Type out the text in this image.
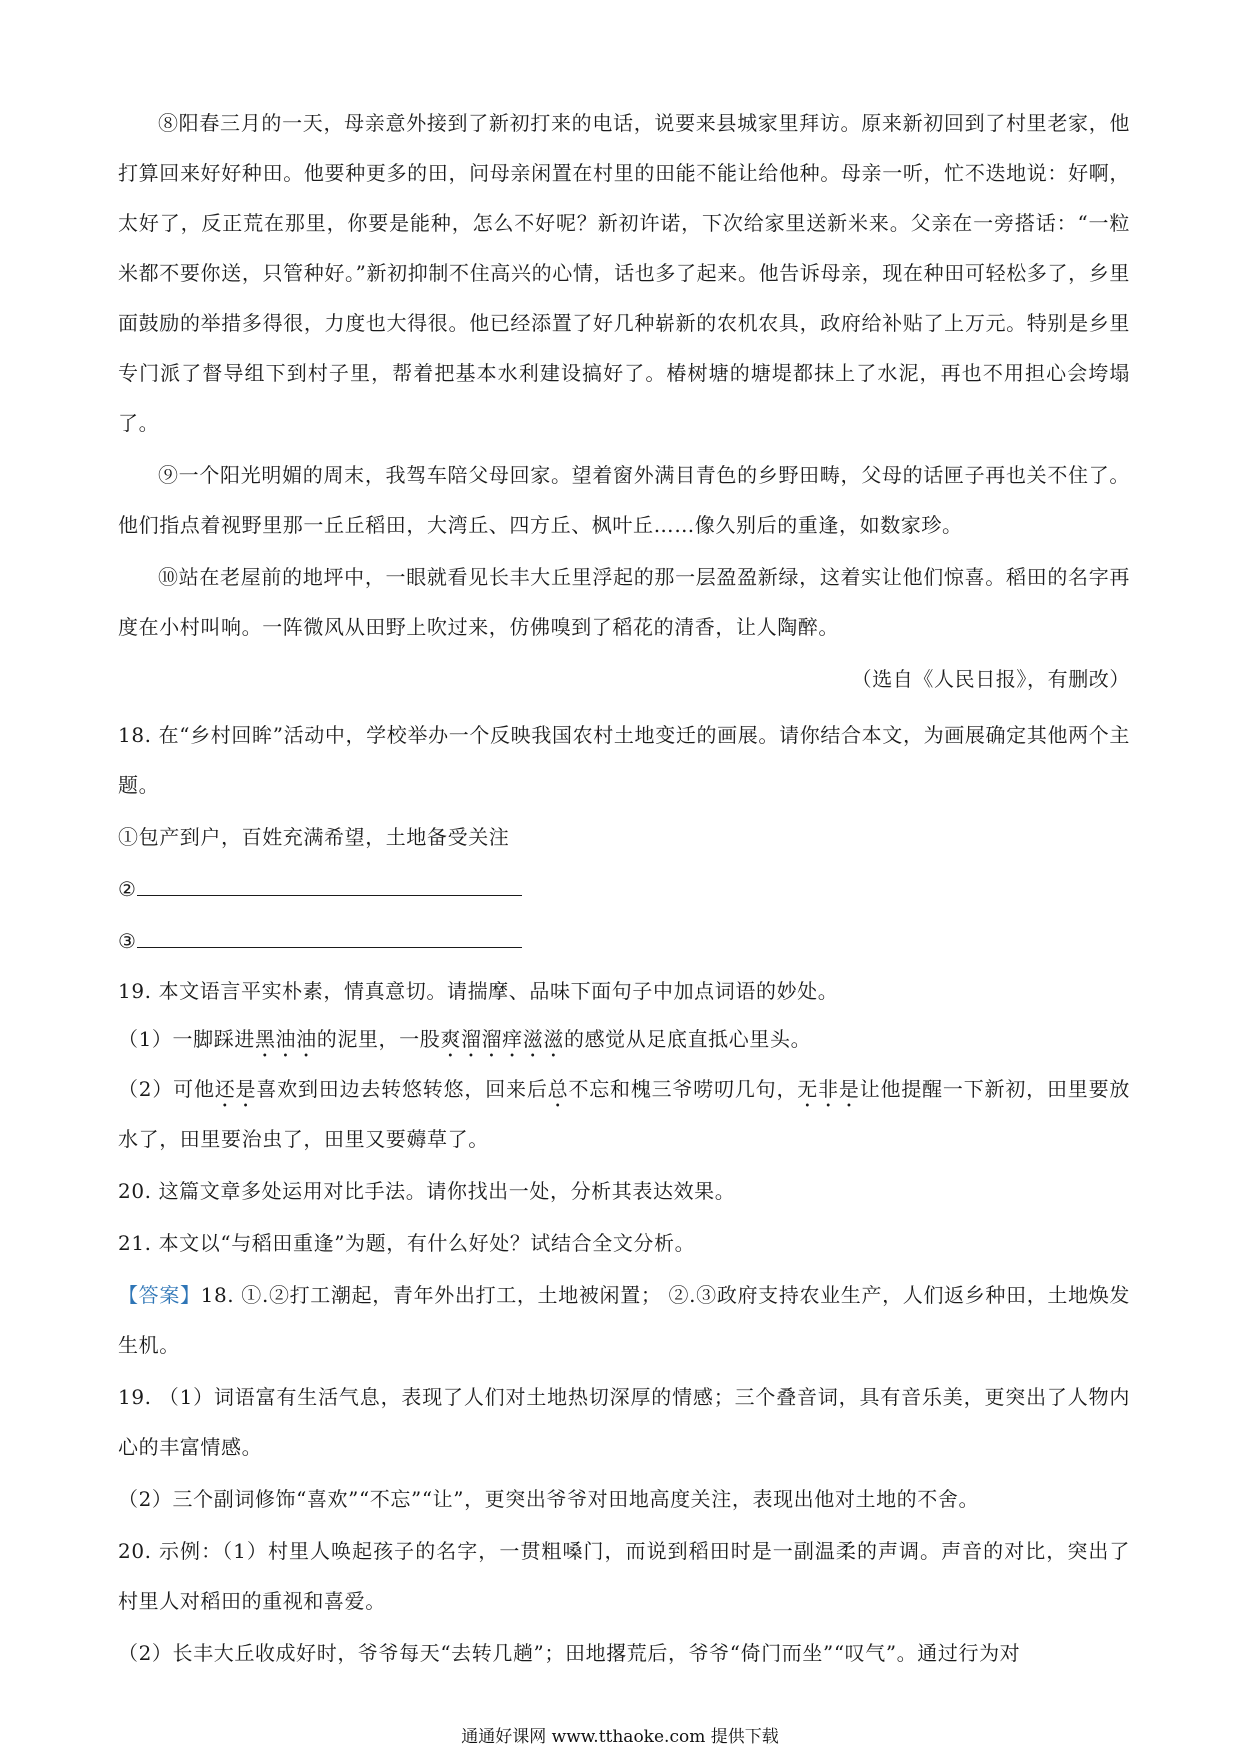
⑧阳春三月的一天，母亲意外接到了新初打来的电话，说要来县城家里拜访。原来新初回到了村里老家，他打算回来好好种田。他要种更多的田，问母亲闲置在村里的田能不能让给他种。母亲一听，忙不迭地说：好啊，太好了，反正荒在那里，你要是能种，怎么不好呢？新初许诺，下次给家里送新米来。父亲在一旁搭话：“一粒米都不要你送，只管种好。”新初抑制不住高兴的心情，话也多了起来。他告诉母亲，现在种田可轻松多了，乡里面鼓励的举措多得很，力度也大得很。他已经添置了好几种崭新的农机农具，政府给补贴了上万元。特别是乡里专门派了督导组下到村子里，帮着把基本水利建设搞好了。椿树塘的塘堤都抹上了水泥，再也不用担心会垮塌了。

⑨一个阳光明媚的周末，我驾车陪父母回家。望着窗外满目青色的乡野田畴，父母的话匣子再也关不住了。他们指点着视野里那一丘丘稻田，大湾丘、四方丘、枫叶丘……像久别后的重逢，如数家珍。

⑩站在老屋前的地坪中，一眼就看见长丰大丘里浮起的那一层盈盈新绿，这着实让他们惊喜。稻田的名字再度在小村叫响。一阵微风从田野上吹过来，仿佛嗅到了稻花的清香，让人陶醉。

（选自《人民日报》，有删改）

18. 在“乡村回眸”活动中，学校举办一个反映我国农村土地变迁的画展。请你结合本文，为画展确定其他两个主题。

①包产到户，百姓充满希望，土地备受关注

②

③

19. 本文语言平实朴素，情真意切。请揣摩、品味下面句子中加点词语的妙处。

（1）一脚踩进黑油油的泥里，一股爽溜溜痒滋滋的感觉从足底直抵心里头。

（2）可他还是喜欢到田边去转悠转悠，回来后总不忘和槐三爷唠叨几句，无非是让他提醒一下新初，田里要放水了，田里要治虫了，田里又要薅草了。

20. 这篇文章多处运用对比手法。请你找出一处，分析其表达效果。

21. 本文以“与稻田重逢”为题，有什么好处？试结合全文分析。

【答案】18. ①.②打工潮起，青年外出打工，土地被闲置； ②.③政府支持农业生产，人们返乡种田，土地焕发生机。

19. （1）词语富有生活气息，表现了人们对土地热切深厚的情感；三个叠音词，具有音乐美，更突出了人物内心的丰富情感。

（2）三个副词修饰“喜欢”“不忘”“让”，更突出爷爷对田地高度关注，表现出他对土地的不舍。

20. 示例：（1）村里人唤起孩子的名字，一贯粗嗓门，而说到稻田时是一副温柔的声调。声音的对比，突出了村里人对稻田的重视和喜爱。

（2）长丰大丘收成好时，爷爷每天“去转几趟”；田地撂荒后，爷爷“倚门而坐”“叹气”。通过行为对

通通好课网 www.tthaoke.com 提供下载
